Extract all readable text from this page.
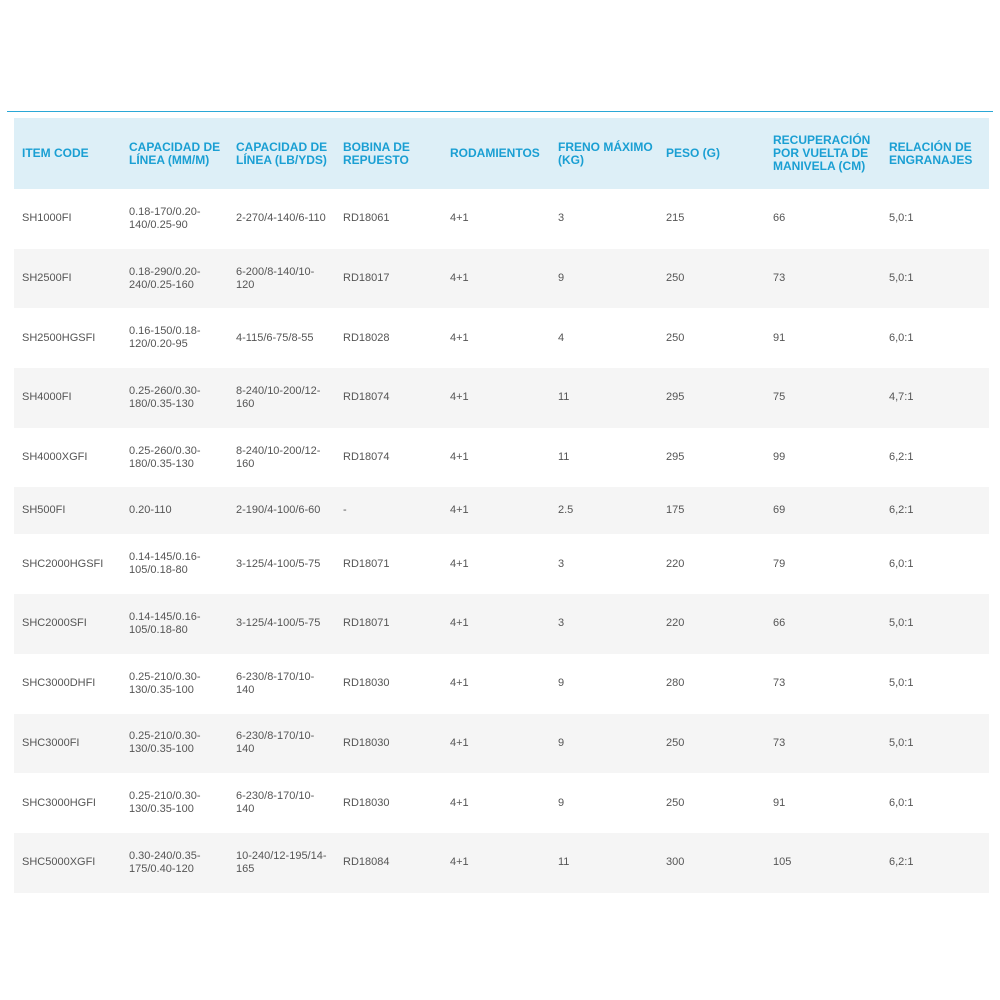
ITEM CODE	CAPACIDAD DE LÍNEA (MM/M)	CAPACIDAD DE LÍNEA (LB/YDS)	BOBINA DE REPUESTO	RODAMIENTOS	FRENO MÁXIMO (KG)	PESO (G)	RECUPERACIÓN POR VUELTA DE MANIVELA (CM)	RELACIÓN DE ENGRANAJES
SH1000FI	0.18-170/0.20-140/0.25-90	2-270/4-140/6-110	RD18061	4+1	3	215	66	5,0:1
SH2500FI	0.18-290/0.20-240/0.25-160	6-200/8-140/10-120	RD18017	4+1	9	250	73	5,0:1
SH2500HGSFI	0.16-150/0.18-120/0.20-95	4-115/6-75/8-55	RD18028	4+1	4	250	91	6,0:1
SH4000FI	0.25-260/0.30-180/0.35-130	8-240/10-200/12-160	RD18074	4+1	11	295	75	4,7:1
SH4000XGFI	0.25-260/0.30-180/0.35-130	8-240/10-200/12-160	RD18074	4+1	11	295	99	6,2:1
SH500FI	0.20-110	2-190/4-100/6-60	-	4+1	2.5	175	69	6,2:1
SHC2000HGSFI	0.14-145/0.16-105/0.18-80	3-125/4-100/5-75	RD18071	4+1	3	220	79	6,0:1
SHC2000SFI	0.14-145/0.16-105/0.18-80	3-125/4-100/5-75	RD18071	4+1	3	220	66	5,0:1
SHC3000DHFI	0.25-210/0.30-130/0.35-100	6-230/8-170/10-140	RD18030	4+1	9	280	73	5,0:1
SHC3000FI	0.25-210/0.30-130/0.35-100	6-230/8-170/10-140	RD18030	4+1	9	250	73	5,0:1
SHC3000HGFI	0.25-210/0.30-130/0.35-100	6-230/8-170/10-140	RD18030	4+1	9	250	91	6,0:1
SHC5000XGFI	0.30-240/0.35-175/0.40-120	10-240/12-195/14-165	RD18084	4+1	11	300	105	6,2:1
